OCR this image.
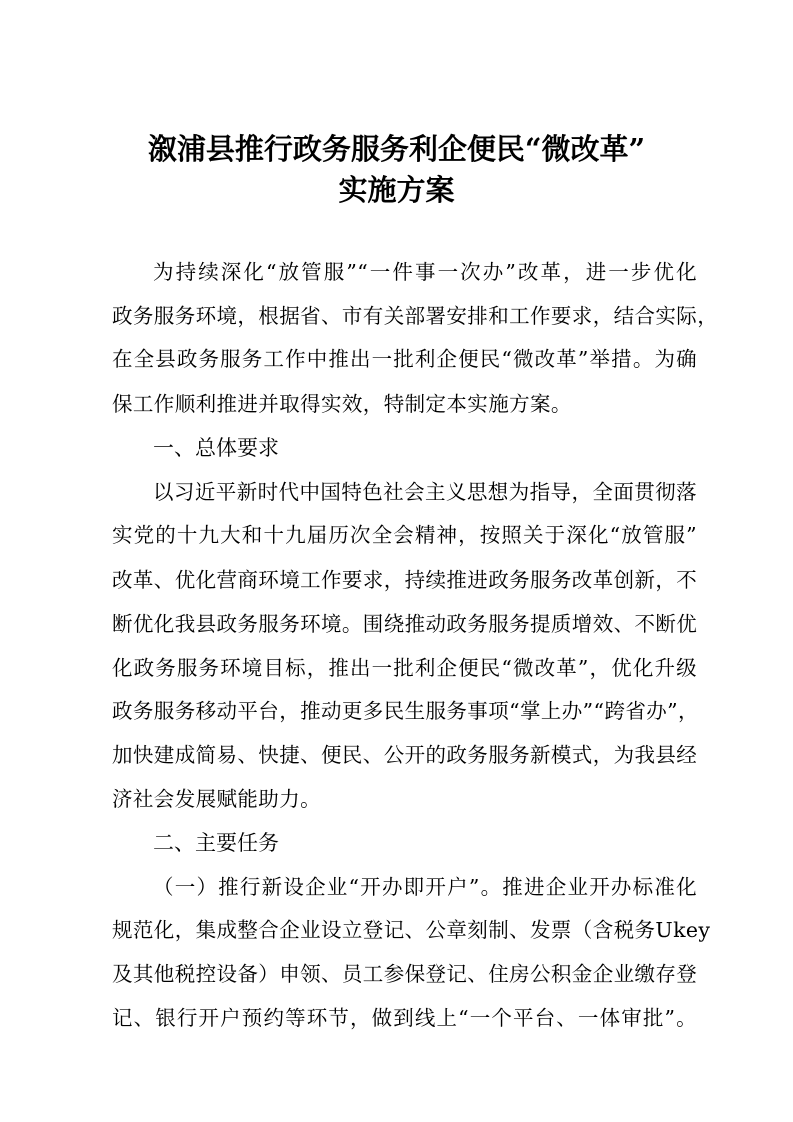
溆浦县推行政务服务利企便民“微改革”
实施方案
为持续深化“放管服”“一件事一次办”改革，进一步优化
政务服务环境，根据省、市有关部署安排和工作要求，结合实际，
在全县政务服务工作中推出一批利企便民“微改革”举措。为确
保工作顺利推进并取得实效，特制定本实施方案。
一、总体要求
以习近平新时代中国特色社会主义思想为指导，全面贯彻落
实党的十九大和十九届历次全会精神，按照关于深化“放管服”
改革、优化营商环境工作要求，持续推进政务服务改革创新，不
断优化我县政务服务环境。围绕推动政务服务提质增效、不断优
化政务服务环境目标，推出一批利企便民“微改革”，优化升级
政务服务移动平台，推动更多民生服务事项“掌上办”“跨省办”，
加快建成简易、快捷、便民、公开的政务服务新模式，为我县经
济社会发展赋能助力。
二、主要任务
（一）推行新设企业“开办即开户”。推进企业开办标准化
规范化，集成整合企业设立登记、公章刻制、发票（含税务Ukey
及其他税控设备）申领、员工参保登记、住房公积金企业缴存登
记、银行开户预约等环节，做到线上“一个平台、一体审批”。
